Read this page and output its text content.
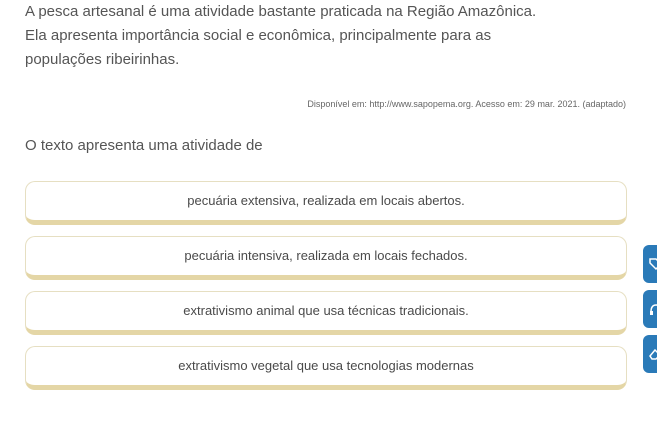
A pesca artesanal é uma atividade bastante praticada na Região Amazônica.
Ela apresenta importância social e econômica, principalmente para as
populações ribeirinhas.

Disponível em: http://www.sapopema.org. Acesso em: 29 mar. 2021. (adaptado)

O texto apresenta uma atividade de

pecuária extensiva, realizada em locais abertos.
pecuária intensiva, realizada em locais fechados.
extrativismo animal que usa técnicas tradicionais.
extrativismo vegetal que usa tecnologias modernas
